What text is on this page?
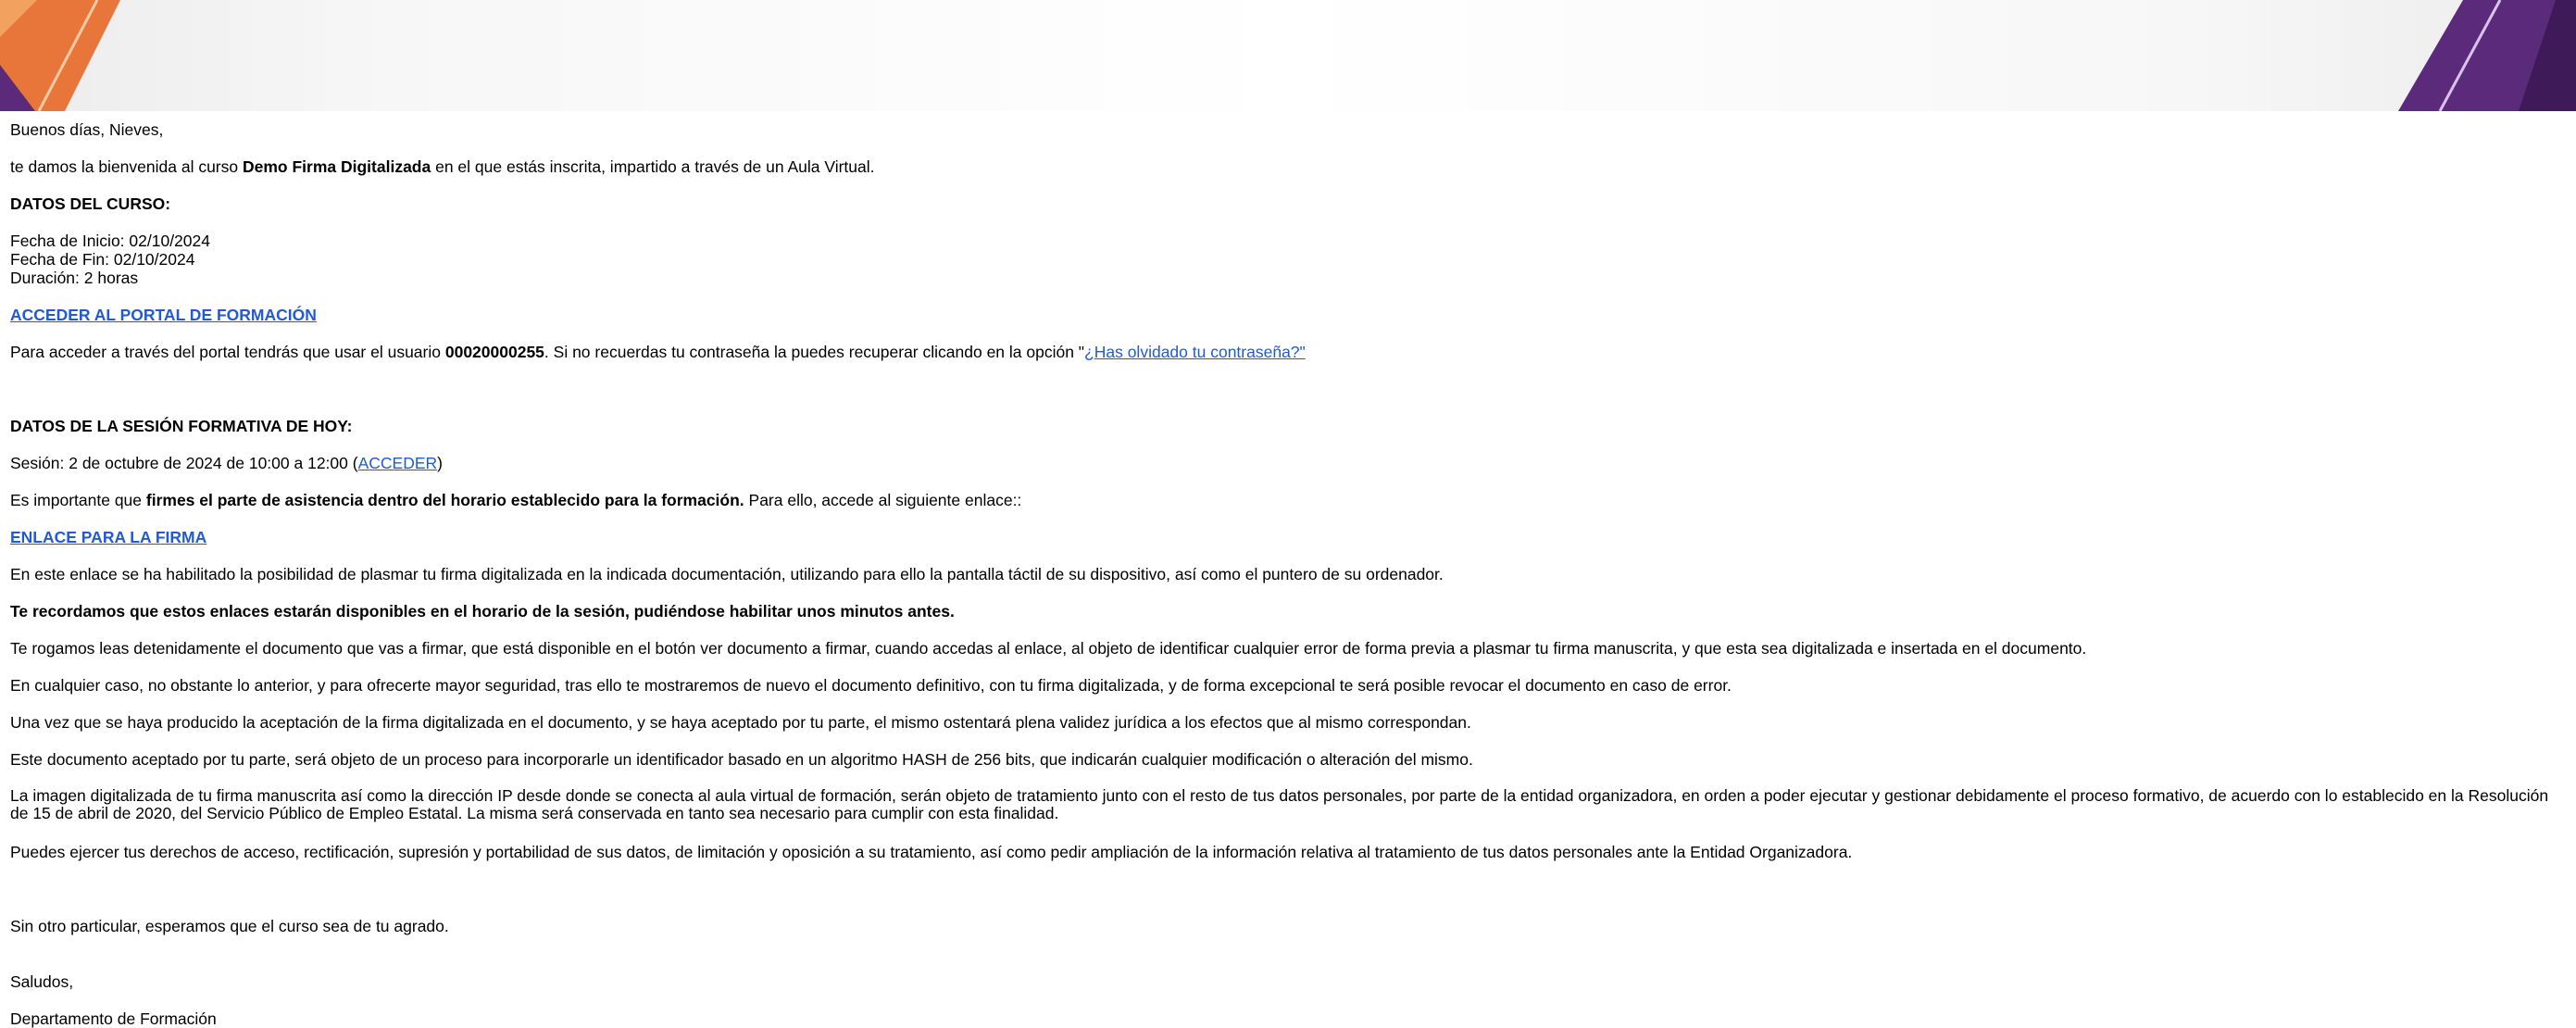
Buenos días, Nieves,

te damos la bienvenida al curso Demo Firma Digitalizada en el que estás inscrita, impartido a través de un Aula Virtual.

DATOS DEL CURSO:

Fecha de Inicio: 02/10/2024
Fecha de Fin: 02/10/2024
Duración: 2 horas

ACCEDER AL PORTAL DE FORMACIÓN

Para acceder a través del portal tendrás que usar el usuario 00020000255. Si no recuerdas tu contraseña la puedes recuperar clicando en la opción "¿Has olvidado tu contraseña?"

DATOS DE LA SESIÓN FORMATIVA DE HOY:

Sesión: 2 de octubre de 2024 de 10:00 a 12:00 (ACCEDER)

Es importante que firmes el parte de asistencia dentro del horario establecido para la formación. Para ello, accede al siguiente enlace::

ENLACE PARA LA FIRMA

En este enlace se ha habilitado la posibilidad de plasmar tu firma digitalizada en la indicada documentación, utilizando para ello la pantalla táctil de su dispositivo, así como el puntero de su ordenador.

Te recordamos que estos enlaces estarán disponibles en el horario de la sesión, pudiéndose habilitar unos minutos antes.

Te rogamos leas detenidamente el documento que vas a firmar, que está disponible en el botón ver documento a firmar, cuando accedas al enlace, al objeto de identificar cualquier error de forma previa a plasmar tu firma manuscrita, y que esta sea digitalizada e insertada en el documento.

En cualquier caso, no obstante lo anterior, y para ofrecerte mayor seguridad, tras ello te mostraremos de nuevo el documento definitivo, con tu firma digitalizada, y de forma excepcional te será posible revocar el documento en caso de error.

Una vez que se haya producido la aceptación de la firma digitalizada en el documento, y se haya aceptado por tu parte, el mismo ostentará plena validez jurídica a los efectos que al mismo correspondan.

Este documento aceptado por tu parte, será objeto de un proceso para incorporarle un identificador basado en un algoritmo HASH de 256 bits, que indicarán cualquier modificación o alteración del mismo.

La imagen digitalizada de tu firma manuscrita así como la dirección IP desde donde se conecta al aula virtual de formación, serán objeto de tratamiento junto con el resto de tus datos personales, por parte de la entidad organizadora, en orden a poder ejecutar y gestionar debidamente el proceso formativo, de acuerdo con lo establecido en la Resolución de 15 de abril de 2020, del Servicio Público de Empleo Estatal. La misma será conservada en tanto sea necesario para cumplir con esta finalidad.

Puedes ejercer tus derechos de acceso, rectificación, supresión y portabilidad de sus datos, de limitación y oposición a su tratamiento, así como pedir ampliación de la información relativa al tratamiento de tus datos personales ante la Entidad Organizadora.

Sin otro particular, esperamos que el curso sea de tu agrado.

Saludos,

Departamento de Formación
